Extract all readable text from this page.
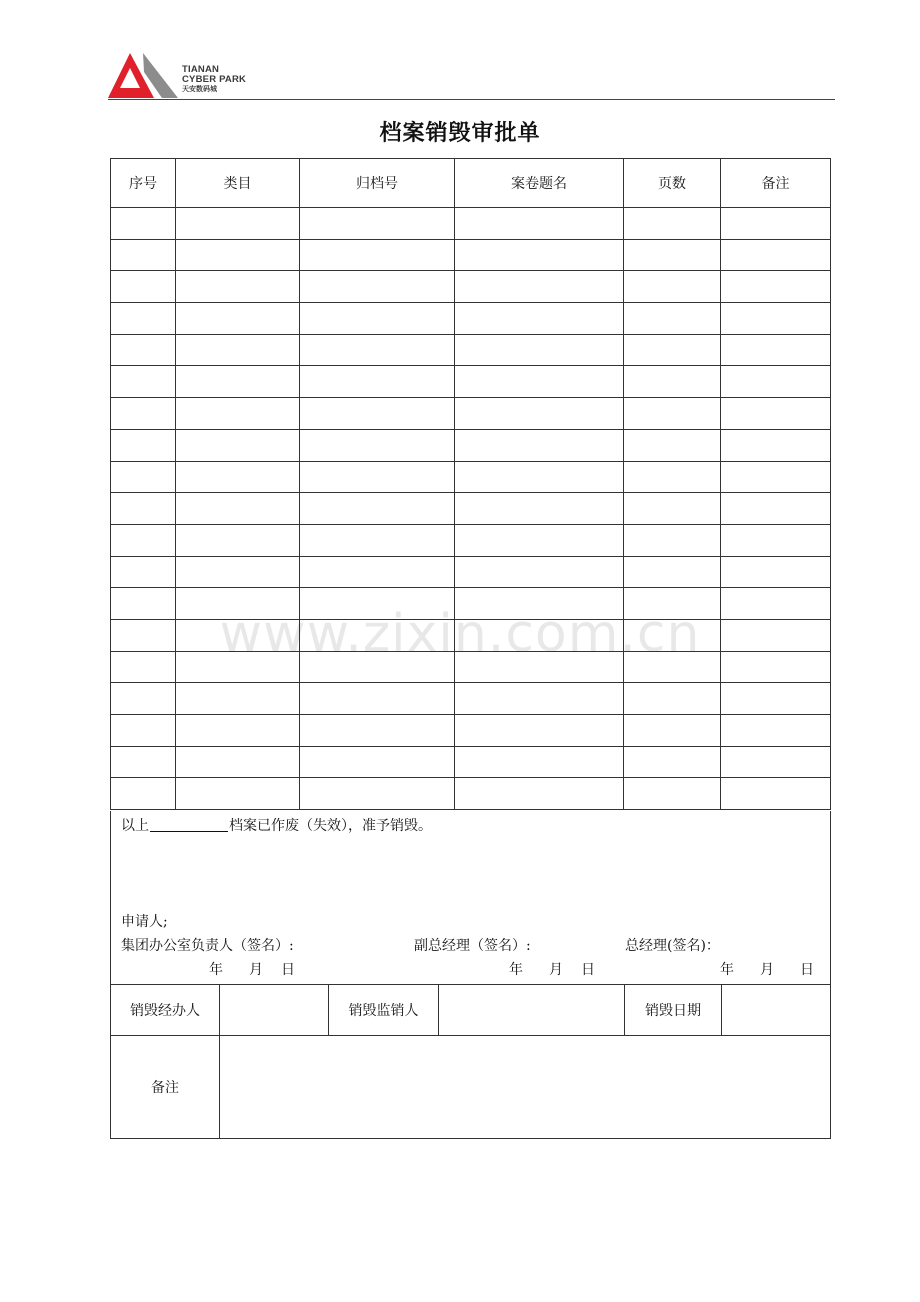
TIANAN
CYBER PARK
天安数码城
档案销毁审批单
www.zixin.com.cn
序号	类目	归档号	案卷题名	页数	备注

以上	档案已作废（失效），准予销毁。
申请人;
集团办公室负责人（签名）:	副总经理（签名）:	总经理(签名)：
年 月 日	年 月 日	年 月 日
销毁经办人		销毁监销人		销毁日期	
备注					
